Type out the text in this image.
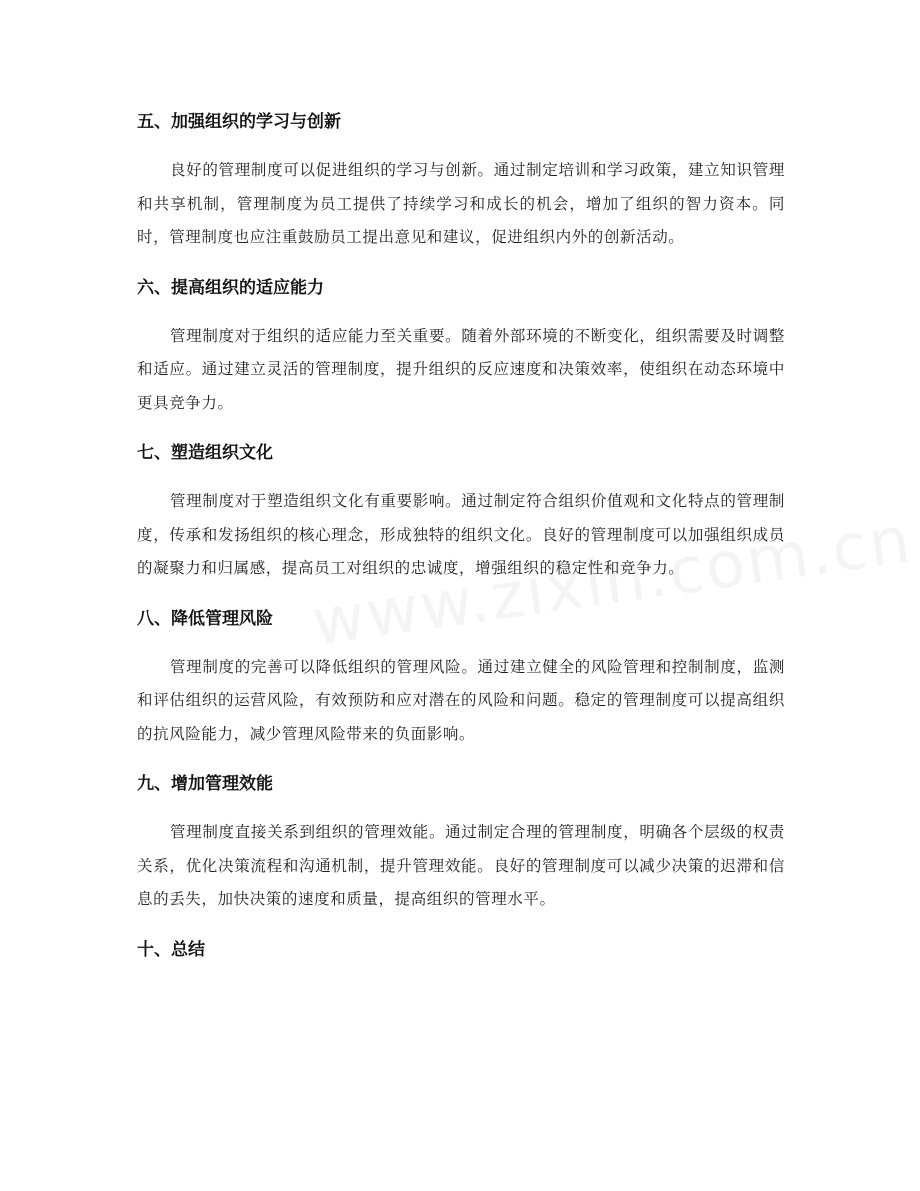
五、加强组织的学习与创新

良好的管理制度可以促进组织的学习与创新。通过制定培训和学习政策，建立知识管理和共享机制，管理制度为员工提供了持续学习和成长的机会，增加了组织的智力资本。同时，管理制度也应注重鼓励员工提出意见和建议，促进组织内外的创新活动。

六、提高组织的适应能力

管理制度对于组织的适应能力至关重要。随着外部环境的不断变化，组织需要及时调整和适应。通过建立灵活的管理制度，提升组织的反应速度和决策效率，使组织在动态环境中更具竞争力。

七、塑造组织文化

管理制度对于塑造组织文化有重要影响。通过制定符合组织价值观和文化特点的管理制度，传承和发扬组织的核心理念，形成独特的组织文化。良好的管理制度可以加强组织成员的凝聚力和归属感，提高员工对组织的忠诚度，增强组织的稳定性和竞争力。

八、降低管理风险

管理制度的完善可以降低组织的管理风险。通过建立健全的风险管理和控制制度，监测和评估组织的运营风险，有效预防和应对潜在的风险和问题。稳定的管理制度可以提高组织的抗风险能力，减少管理风险带来的负面影响。

九、增加管理效能

管理制度直接关系到组织的管理效能。通过制定合理的管理制度，明确各个层级的权责关系，优化决策流程和沟通机制，提升管理效能。良好的管理制度可以减少决策的迟滞和信息的丢失，加快决策的速度和质量，提高组织的管理水平。

十、总结
